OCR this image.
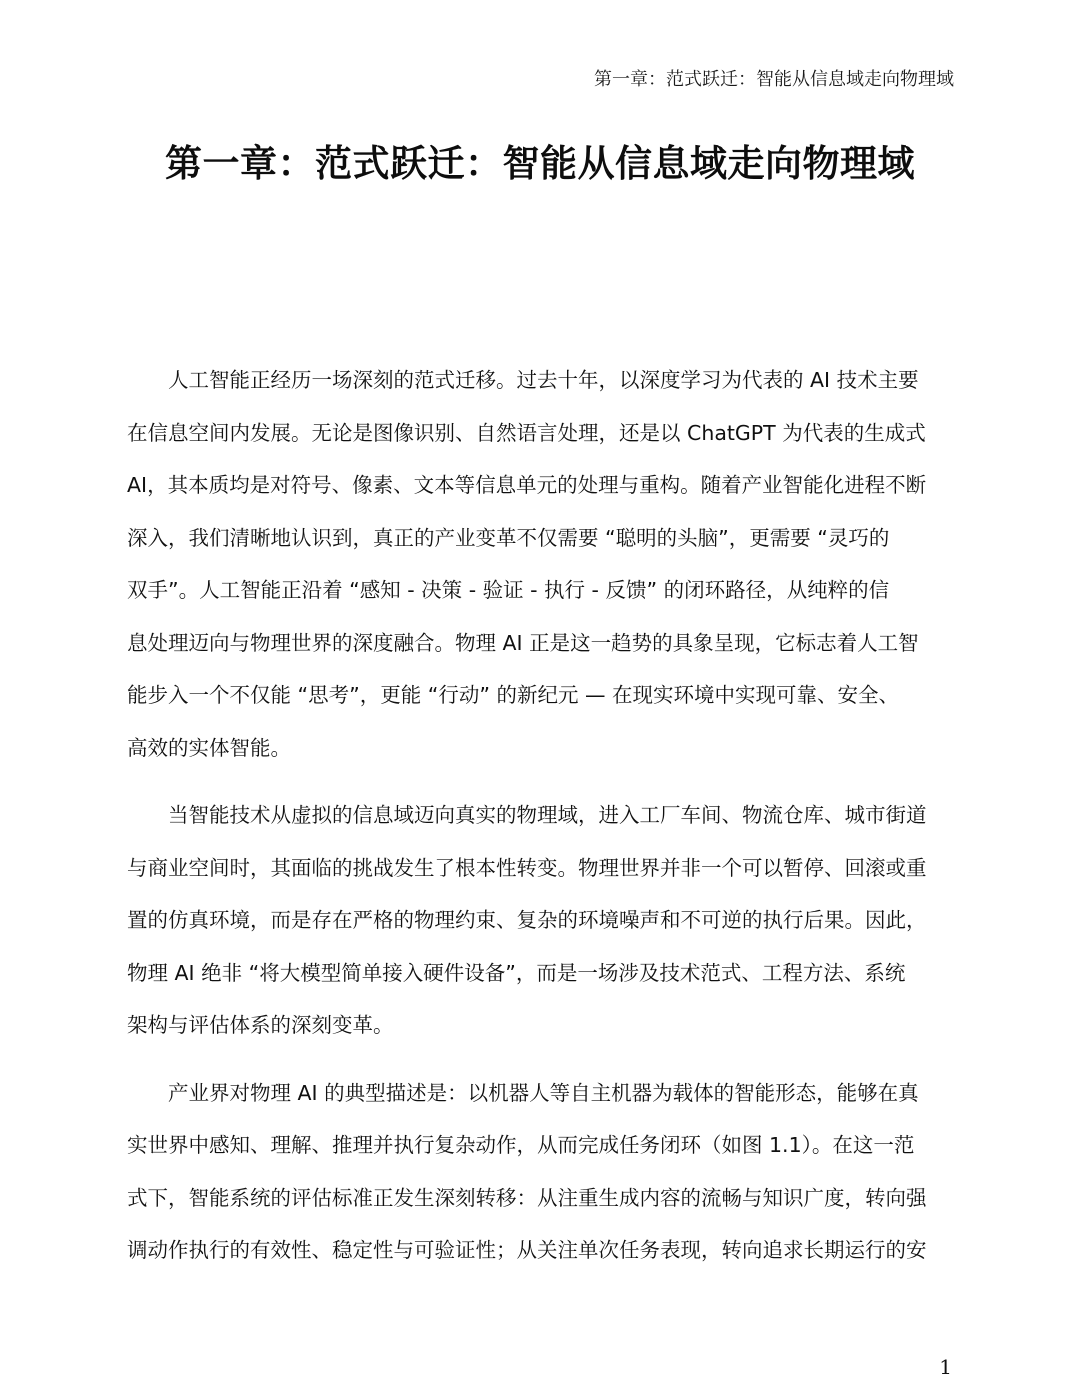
第一章：范式跃迁：智能从信息域走向物理域
第一章：范式跃迁：智能从信息域走向物理域
人工智能正经历一场深刻的范式迁移。过去十年，以深度学习为代表的 AI 技术主要
在信息空间内发展。无论是图像识别、自然语言处理，还是以 ChatGPT 为代表的生成式
AI，其本质均是对符号、像素、文本等信息单元的处理与重构。随着产业智能化进程不断
深入，我们清晰地认识到，真正的产业变革不仅需要 “聪明的头脑”，更需要 “灵巧的
双手”。人工智能正沿着 “感知 - 决策 - 验证 - 执行 - 反馈” 的闭环路径，从纯粹的信
息处理迈向与物理世界的深度融合。物理 AI 正是这一趋势的具象呈现，它标志着人工智
能步入一个不仅能 “思考”，更能 “行动” 的新纪元 — 在现实环境中实现可靠、安全、
高效的实体智能。
当智能技术从虚拟的信息域迈向真实的物理域，进入工厂车间、物流仓库、城市街道
与商业空间时，其面临的挑战发生了根本性转变。物理世界并非一个可以暂停、回滚或重
置的仿真环境，而是存在严格的物理约束、复杂的环境噪声和不可逆的执行后果。因此，
物理 AI 绝非 “将大模型简单接入硬件设备”，而是一场涉及技术范式、工程方法、系统
架构与评估体系的深刻变革。
产业界对物理 AI 的典型描述是：以机器人等自主机器为载体的智能形态，能够在真
实世界中感知、理解、推理并执行复杂动作，从而完成任务闭环（如图 1.1）。在这一范
式下，智能系统的评估标准正发生深刻转移：从注重生成内容的流畅与知识广度，转向强
调动作执行的有效性、稳定性与可验证性；从关注单次任务表现，转向追求长期运行的安
1
